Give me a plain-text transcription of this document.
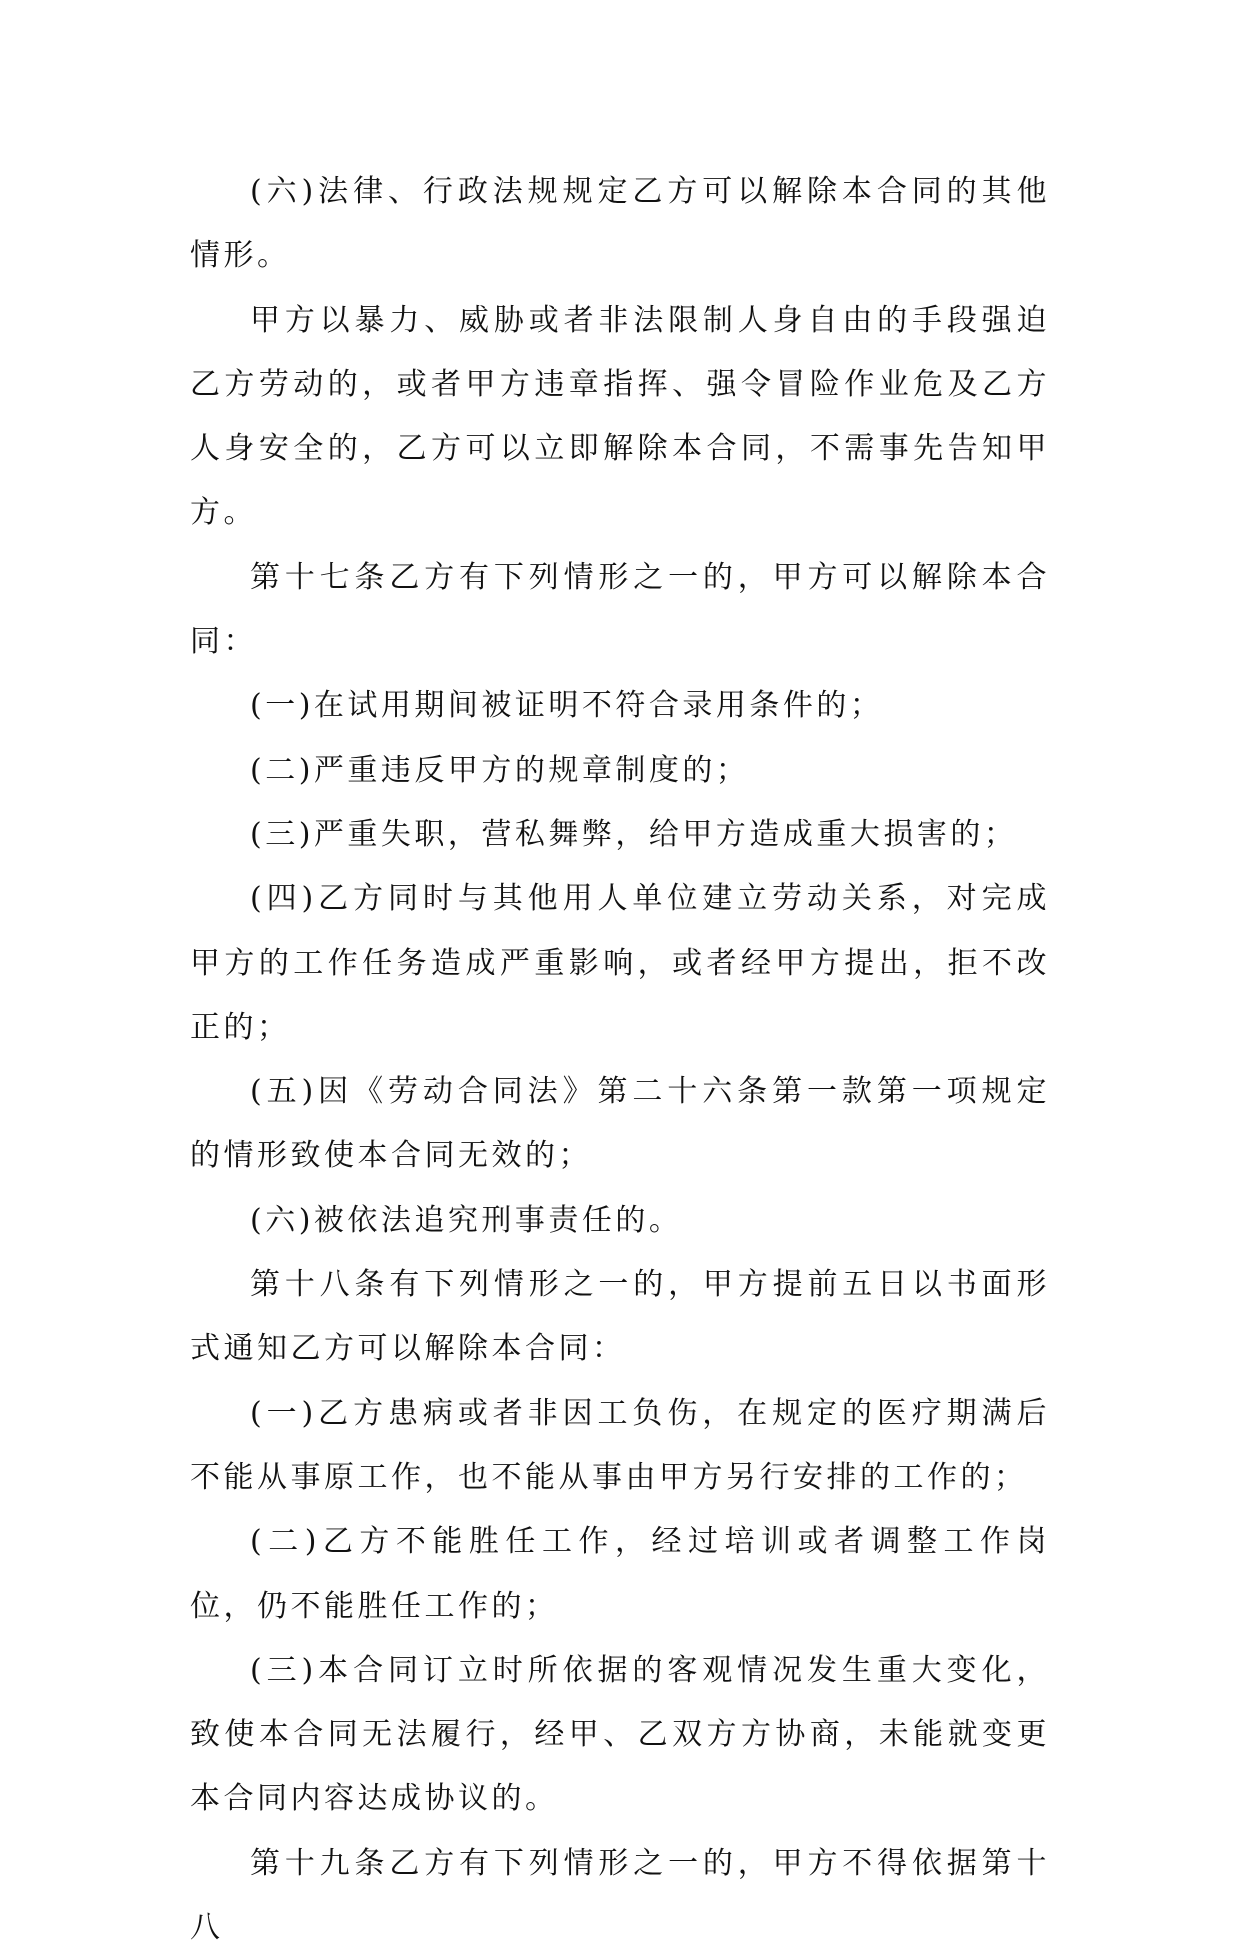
(六)法律、行政法规规定乙方可以解除本合同的其他情形。

甲方以暴力、威胁或者非法限制人身自由的手段强迫乙方劳动的，或者甲方违章指挥、强令冒险作业危及乙方人身安全的，乙方可以立即解除本合同，不需事先告知甲方。

第十七条乙方有下列情形之一的，甲方可以解除本合同：

(一)在试用期间被证明不符合录用条件的；

(二)严重违反甲方的规章制度的；

(三)严重失职，营私舞弊，给甲方造成重大损害的；

(四)乙方同时与其他用人单位建立劳动关系，对完成甲方的工作任务造成严重影响，或者经甲方提出，拒不改正的；

(五)因《劳动合同法》第二十六条第一款第一项规定的情形致使本合同无效的；

(六)被依法追究刑事责任的。

第十八条有下列情形之一的，甲方提前五日以书面形式通知乙方可以解除本合同：

(一)乙方患病或者非因工负伤，在规定的医疗期满后不能从事原工作，也不能从事由甲方另行安排的工作的；

(二)乙方不能胜任工作，经过培训或者调整工作岗位，仍不能胜任工作的；

(三)本合同订立时所依据的客观情况发生重大变化，致使本合同无法履行，经甲、乙双方方协商，未能就变更本合同内容达成协议的。

第十九条乙方有下列情形之一的，甲方不得依据第十八
